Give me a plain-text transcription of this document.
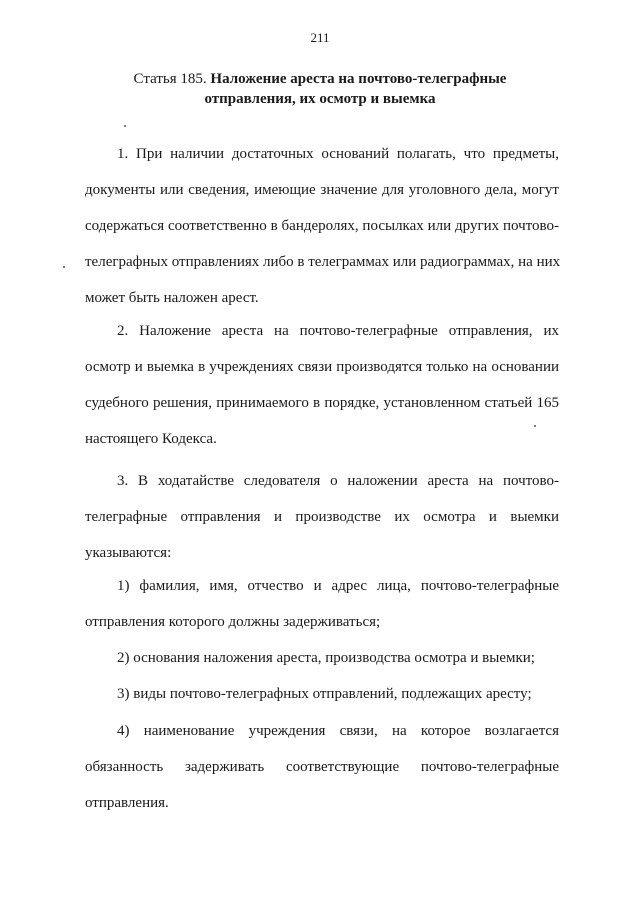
211
Статья 185. Наложение ареста на почтово-телеграфные
отправления, их осмотр и выемка
1. При наличии достаточных оснований полагать, что предметы,
документы или сведения, имеющие значение для уголовного дела, могут
содержаться соответственно в бандеролях, посылках или других почтово-
телеграфных отправлениях либо в телеграммах или радиограммах, на них
может быть наложен арест.
2. Наложение ареста на почтово-телеграфные отправления, их
осмотр и выемка в учреждениях связи производятся только на основании
судебного решения, принимаемого в порядке, установленном статьей 165
настоящего Кодекса.
3. В ходатайстве следователя о наложении ареста на почтово-
телеграфные отправления и производстве их осмотра и выемки
указываются:
1) фамилия, имя, отчество и адрес лица, почтово-телеграфные
отправления которого должны задерживаться;
2) основания наложения ареста, производства осмотра и выемки;
3) виды почтово-телеграфных отправлений, подлежащих аресту;
4) наименование учреждения связи, на которое возлагается
обязанность задерживать соответствующие почтово-телеграфные
отправления.
